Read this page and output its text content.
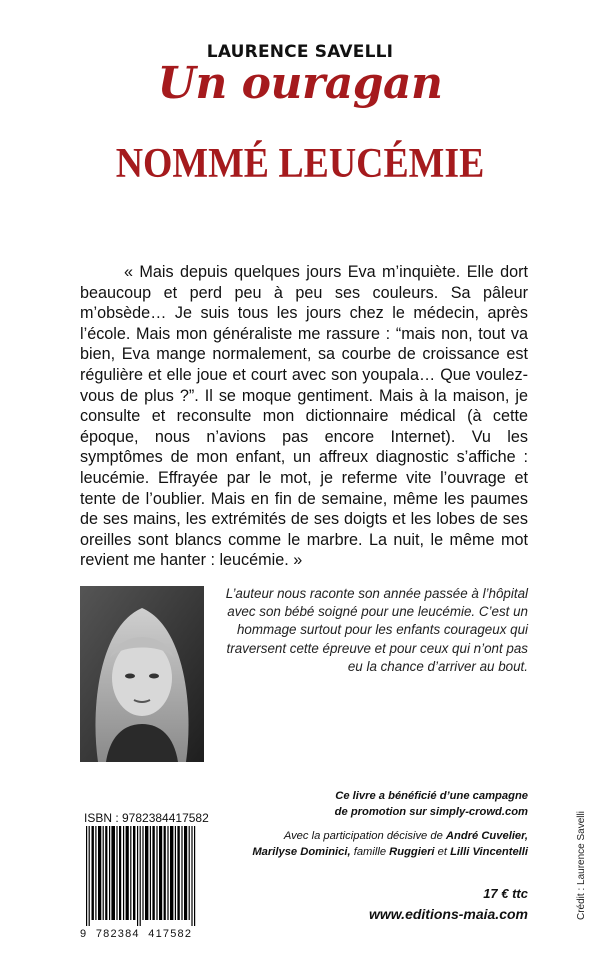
LAURENCE SAVELLI
Un ouragan
NOMMÉ LEUCÉMIE
« Mais depuis quelques jours Eva m’inquiète. Elle dort beaucoup et perd peu à peu ses couleurs. Sa pâleur m’obsède… Je suis tous les jours chez le médecin, après l’école. Mais mon généraliste me rassure : “mais non, tout va bien, Eva mange normalement, sa courbe de croissance est régulière et elle joue et court avec son youpala… Que voulez-vous de plus ?”. Il se moque gentiment. Mais à la maison, je consulte et reconsulte mon dictionnaire médical (à cette époque, nous n’avions pas encore Internet). Vu les symptômes de mon enfant, un affreux diagnostic s’affiche : leucémie. Effrayée par le mot, je referme vite l’ouvrage et tente de l’oublier. Mais en fin de semaine, même les paumes de ses mains, les extrémités de ses doigts et les lobes de ses oreilles sont blancs comme le marbre. La nuit, le même mot revient me hanter : leucémie. »
L’auteur nous raconte son année passée à l’hôpital avec son bébé soigné pour une leucémie. C’est un hommage surtout pour les enfants courageux qui traversent cette épreuve et pour ceux qui n’ont pas eu la chance d’arriver au bout.
ISBN : 9782384417582
9  782384  417582
Ce livre a bénéficié d’une campagne
de promotion sur simply-crowd.com
Avec la participation décisive de André Cuvelier,
Marilyse Dominici, famille Ruggieri et Lilli Vincentelli
17 € ttc
www.editions-maia.com	Crédit : Laurence Savelli
